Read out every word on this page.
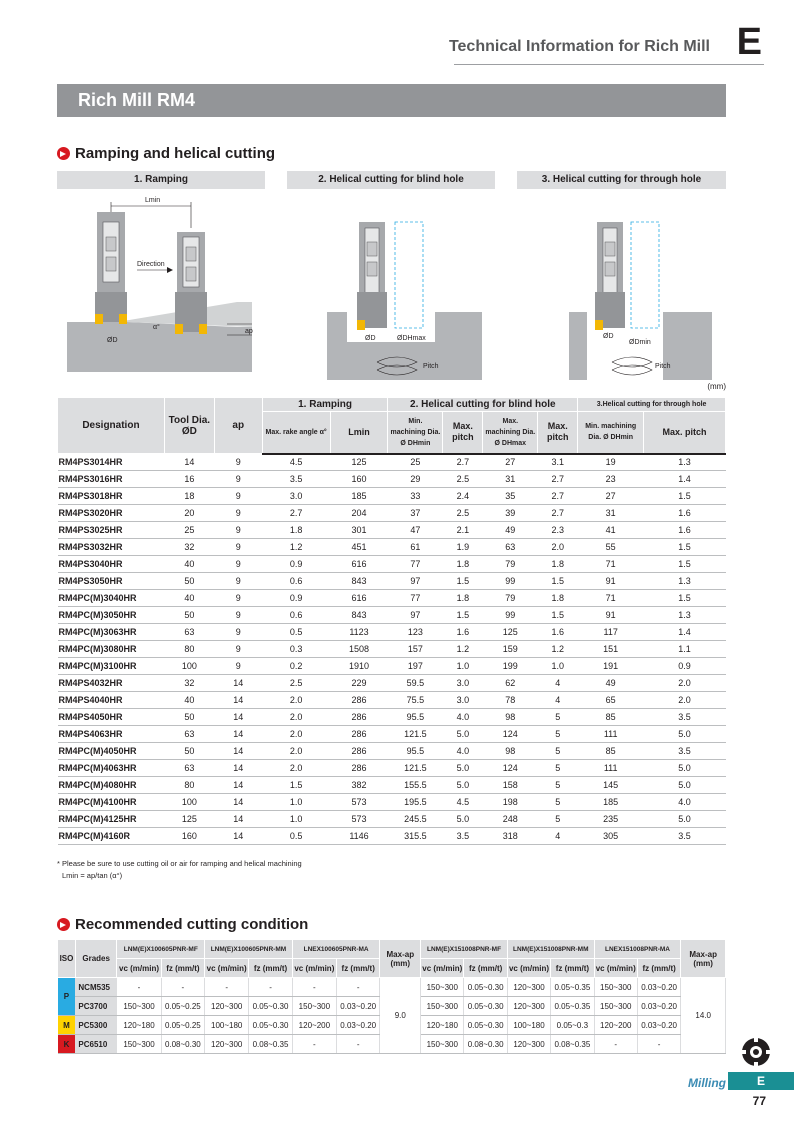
Technical Information for Rich Mill E
Rich Mill RM4
Ramping and helical cutting
1. Ramping	2. Helical cutting for blind hole	3. Helical cutting for through hole
Lmin
Direction
α°
ap
ØD	ØD	ØDHmax
Pitch
ØD
ØDmin
Pitch
(mm)
Designation	Tool Dia.
ØD	ap	1. Ramping		2. Helical cutting for blind hole				3.Helical cutting for through hole	
			Max. rake angle α°	Lmin	Min. machining Dia. Ø DHmin	Max. pitch	Max. machining Dia. Ø DHmax	Max. pitch	Min. machining Dia. Ø DHmin	Max. pitch
RM4PS3014HR	14	9	4.5	125	25	2.7	27	3.1	19	1.3
RM4PS3016HR	16	9	3.5	160	29	2.5	31	2.7	23	1.4
RM4PS3018HR	18	9	3.0	185	33	2.4	35	2.7	27	1.5
RM4PS3020HR	20	9	2.7	204	37	2.5	39	2.7	31	1.6
RM4PS3025HR	25	9	1.8	301	47	2.1	49	2.3	41	1.6
RM4PS3032HR	32	9	1.2	451	61	1.9	63	2.0	55	1.5
RM4PS3040HR	40	9	0.9	616	77	1.8	79	1.8	71	1.5
RM4PS3050HR	50	9	0.6	843	97	1.5	99	1.5	91	1.3
RM4PC(M)3040HR	40	9	0.9	616	77	1.8	79	1.8	71	1.5
RM4PC(M)3050HR	50	9	0.6	843	97	1.5	99	1.5	91	1.3
RM4PC(M)3063HR	63	9	0.5	1123	123	1.6	125	1.6	117	1.4
RM4PC(M)3080HR	80	9	0.3	1508	157	1.2	159	1.2	151	1.1
RM4PC(M)3100HR	100	9	0.2	1910	197	1.0	199	1.0	191	0.9
RM4PS4032HR	32	14	2.5	229	59.5	3.0	62	4	49	2.0
RM4PS4040HR	40	14	2.0	286	75.5	3.0	78	4	65	2.0
RM4PS4050HR	50	14	2.0	286	95.5	4.0	98	5	85	3.5
RM4PS4063HR	63	14	2.0	286	121.5	5.0	124	5	111	5.0
RM4PC(M)4050HR	50	14	2.0	286	95.5	4.0	98	5	85	3.5
RM4PC(M)4063HR	63	14	2.0	286	121.5	5.0	124	5	111	5.0
RM4PC(M)4080HR	80	14	1.5	382	155.5	5.0	158	5	145	5.0
RM4PC(M)4100HR	100	14	1.0	573	195.5	4.5	198	5	185	4.0
RM4PC(M)4125HR	125	14	1.0	573	245.5	5.0	248	5	235	5.0
RM4PC(M)4160R	160	14	0.5	1146	315.5	3.5	318	4	305	3.5
* Please be sure to use cutting oil or air for ramping and helical machining
Lmin = ap/tan (α°)
Recommended cutting condition
ISO	Grades	LNM(E)X100605PNR-MF		LNM(E)X100605PNR-MM		LNEX100605PNR-MA		Max-ap (mm)	LNM(E)X151008PNR-MF		LNM(E)X151008PNR-MM		LNEX151008PNR-MA		Max-ap (mm)
		vc (m/min)	fz (mm/t)	vc (m/min)	fz (mm/t)	vc (m/min)	fz (mm/t)		vc (m/min)	fz (mm/t)	vc (m/min)	fz (mm/t)	vc (m/min)	fz (mm/t)	
P	NCM535	-	-	-	-	-	-	9.0	150~300	0.05~0.30	120~300	0.05~0.35	150~300	0.03~0.20	14.0
	PC3700	150~300	0.05~0.25	120~300	0.05~0.30	150~300	0.03~0.20		150~300	0.05~0.30	120~300	0.05~0.35	150~300	0.03~0.20	
M	PC5300	120~180	0.05~0.25	100~180	0.05~0.30	120~200	0.03~0.20		120~180	0.05~0.30	100~180	0.05~0.3	120~200	0.03~0.20	
K	PC6510	150~300	0.08~0.30	120~300	0.08~0.35	-	-		150~300	0.08~0.30	120~300	0.08~0.35	-	-	
Milling	E
77
